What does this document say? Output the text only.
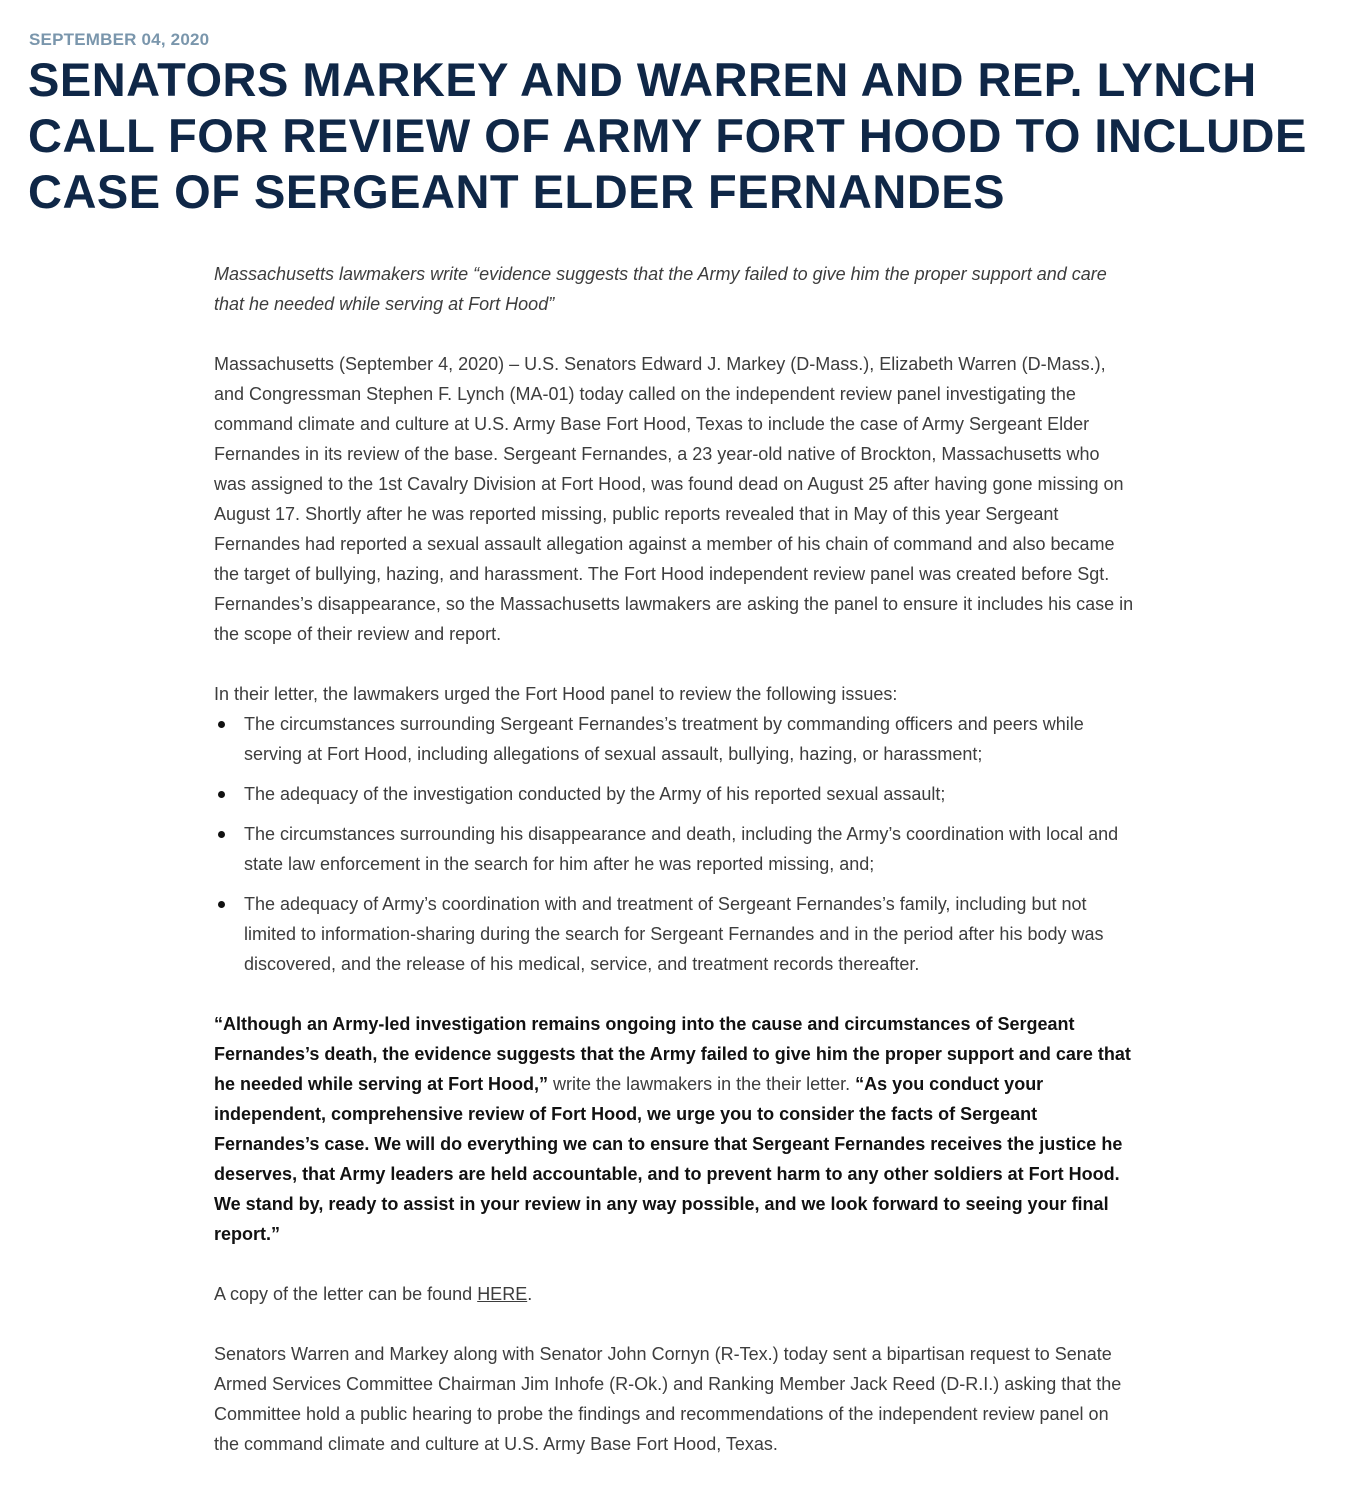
SEPTEMBER 04, 2020
SENATORS MARKEY AND WARREN AND REP. LYNCH CALL FOR REVIEW OF ARMY FORT HOOD TO INCLUDE CASE OF SERGEANT ELDER FERNANDES

Massachusetts lawmakers write “evidence suggests that the Army failed to give him the proper support and care that he needed while serving at Fort Hood”

Massachusetts (September 4, 2020) – U.S. Senators Edward J. Markey (D-Mass.), Elizabeth Warren (D-Mass.), and Congressman Stephen F. Lynch (MA-01) today called on the independent review panel investigating the command climate and culture at U.S. Army Base Fort Hood, Texas to include the case of Army Sergeant Elder Fernandes in its review of the base. Sergeant Fernandes, a 23 year-old native of Brockton, Massachusetts who was assigned to the 1st Cavalry Division at Fort Hood, was found dead on August 25 after having gone missing on August 17. Shortly after he was reported missing, public reports revealed that in May of this year Sergeant Fernandes had reported a sexual assault allegation against a member of his chain of command and also became the target of bullying, hazing, and harassment. The Fort Hood independent review panel was created before Sgt. Fernandes’s disappearance, so the Massachusetts lawmakers are asking the panel to ensure it includes his case in the scope of their review and report.

In their letter, the lawmakers urged the Fort Hood panel to review the following issues:

The circumstances surrounding Sergeant Fernandes’s treatment by commanding officers and peers while serving at Fort Hood, including allegations of sexual assault, bullying, hazing, or harassment;
The adequacy of the investigation conducted by the Army of his reported sexual assault;
The circumstances surrounding his disappearance and death, including the Army’s coordination with local and state law enforcement in the search for him after he was reported missing, and;
The adequacy of Army’s coordination with and treatment of Sergeant Fernandes’s family, including but not limited to information-sharing during the search for Sergeant Fernandes and in the period after his body was discovered, and the release of his medical, service, and treatment records thereafter.

“Although an Army-led investigation remains ongoing into the cause and circumstances of Sergeant Fernandes’s death, the evidence suggests that the Army failed to give him the proper support and care that he needed while serving at Fort Hood,” write the lawmakers in the their letter. “As you conduct your independent, comprehensive review of Fort Hood, we urge you to consider the facts of Sergeant Fernandes’s case. We will do everything we can to ensure that Sergeant Fernandes receives the justice he deserves, that Army leaders are held accountable, and to prevent harm to any other soldiers at Fort Hood. We stand by, ready to assist in your review in any way possible, and we look forward to seeing your final report.”

A copy of the letter can be found HERE.

Senators Warren and Markey along with Senator John Cornyn (R-Tex.) today sent a bipartisan request to Senate Armed Services Committee Chairman Jim Inhofe (R-Ok.) and Ranking Member Jack Reed (D-R.I.) asking that the Committee hold a public hearing to probe the findings and recommendations of the independent review panel on the command climate and culture at U.S. Army Base Fort Hood, Texas.
